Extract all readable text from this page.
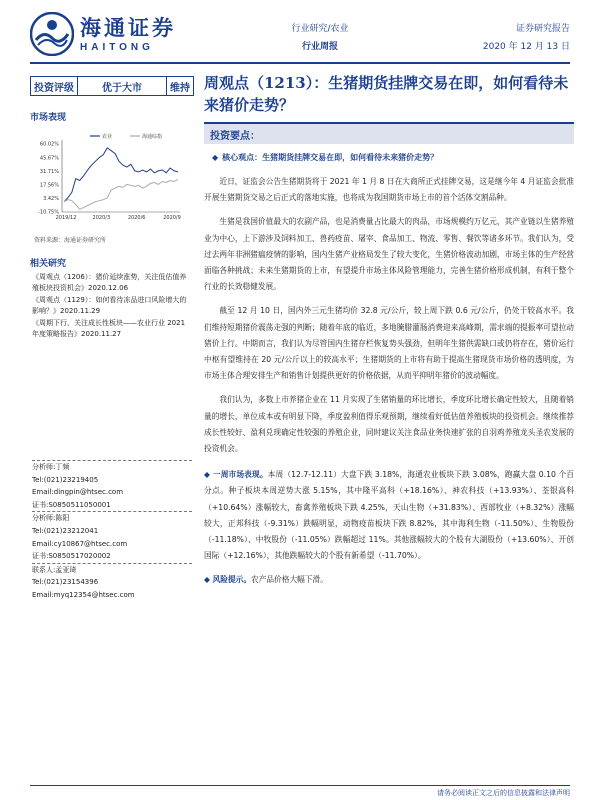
海通证券
HAITONG
行业研究/农业
行业周报
证券研究报告
2020 年 12 月 13 日
投资评级	优于大市	维持 周观点（1213）：生猪期货挂牌交易在即，如何看待未来猪价走势？
市场表现
60.02%
45.67%
31.71%
17.56%
3.42%
-10.75%
2019/12	2020/3	2020/6	2020/9
农业	海通综指
资料来源：海通证券研究所
相关研究
《周观点（1206）：猪价延续涨势，关注低估值养殖板块投资机会》2020.12.06
《周观点（1129）：如何看待冻品进口风险增大的影响？》2020.11.29
《周期下行，关注成长性板块——农业行业 2021 年度策略报告》2020.11.27
分析师:丁频
Tel:(021)23219405
Email:dingpin@htsec.com
证书:S0850511050001
分析师:陈阳
Tel:(021)23212041
Email:cy10867@htsec.com
证书:S0850517020002
联系人:孟亚琦
Tel:(021)23154396
Email:myq12354@htsec.com
投资要点：
◆ 核心观点：生猪期货挂牌交易在即，如何看待未来猪价走势？
近日，证监会公告生猪期货将于 2021 年 1 月 8 日在大商所正式挂牌交易，这是继今年 4 月证监会批准开展生猪期货交易之后正式的落地实施，也将成为我国期货市场上市的首个活体交割品种。
生猪是我国价值最大的农副产品，也是消费量占比最大的肉品，市场规模约万亿元，其产业链以生猪养殖业为中心，上下游涉及饲料加工、兽药疫苗、屠宰、食品加工、物流、零售、餐饮等诸多环节。我们认为，受过去两年非洲猪瘟疫情的影响，国内生猪产业格局发生了较大变化，生猪价格波动加剧，市场主体的生产经营面临各种挑战；未来生猪期货的上市，有望提升市场主体风险管理能力，完善生猪价格形成机制，有利于整个行业的长效稳健发展。
截至 12 月 10 日，国内外三元生猪均价 32.8 元/公斤，较上周下跌 0.6 元/公斤，仍处于较高水平。我们维持短期猪价震荡走强的判断；随着年底的临近，多地腌腊灌肠消费迎来高峰期，需求端的提振率可望拉动猪价上行。中期而言，我们认为尽管国内生猪存栏恢复势头强劲，但明年生猪供需缺口或仍将存在，猪价运行中枢有望维持在 20 元/公斤以上的较高水平；生猪期货的上市将有助于提高生猪现货市场价格的透明度，为市场主体合理安排生产和销售计划提供更好的价格依据，从而平抑明年猪价的波动幅度。
我们认为，多数上市养猪企业在 11 月实现了生猪销量的环比增长，季度环比增长确定性较大，且随着销量的增长，单位成本或有明显下降，季度盈利值得乐观预期，继续看好低估值养殖板块的投资机会。继续推荐成长性较好、盈利兑现确定性较强的养殖企业，同时建议关注食品业务快速扩张的自羽鸡养殖龙头圣农发展的投资机会。
◆ 一周市场表现。本周（12.7-12.11）大盘下跌 3.18%，海通农业板块下跌 3.08%，跑赢大盘 0.10 个百分点。种子板块本周逆势大涨 5.15%，其中隆平高科（+18.16%）、神农科技（+13.93%）、荃银高科（+10.64%）涨幅较大，畜禽养殖板块下跌 4.25%，天山生物（+31.83%）、西部牧业（+8.32%）涨幅较大，正邦科技（-9.31%）跌幅明显，动物疫苗板块下跌 8.82%，其中海利生物（-11.50%）、生物股份（-11.18%）、中牧股份（-11.05%）跌幅超过 11%。其他涨幅较大的个股有大湖股份（+13.60%）、开创国际（+12.16%），其他跌幅较大的个股有新希望（-11.70%）。
◆ 风险提示。农产品价格大幅下滑。
请务必阅读正文之后的信息披露和法律声明
